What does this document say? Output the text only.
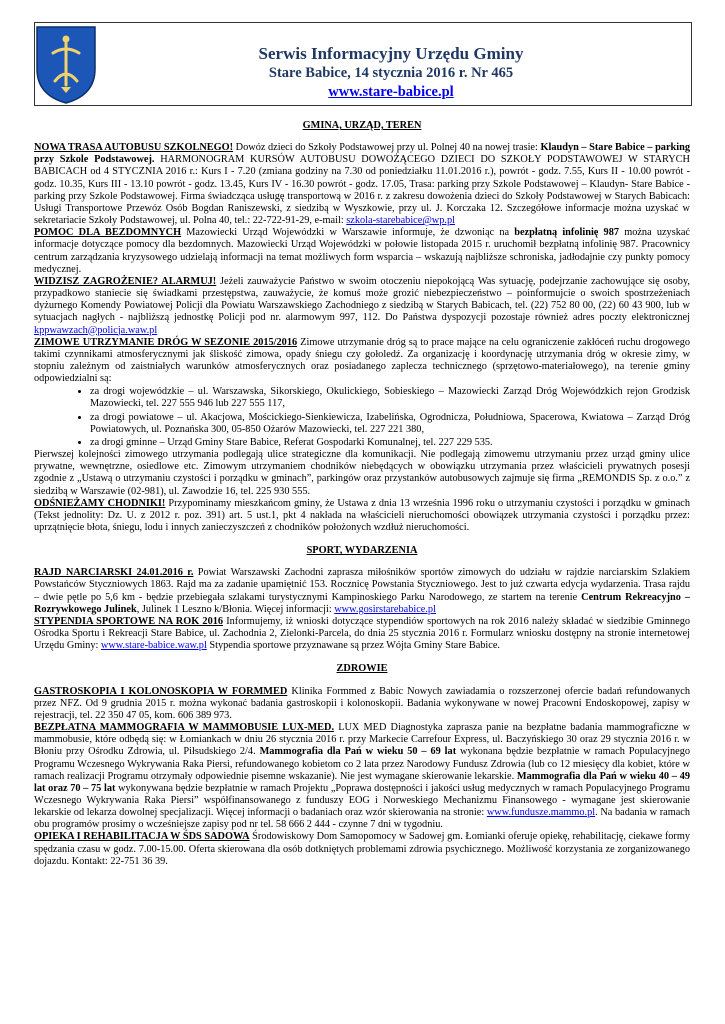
Serwis Informacyjny Urzędu Gminy
Stare Babice, 14 stycznia 2016 r. Nr 465
www.stare-babice.pl
GMINA, URZĄD, TEREN

NOWA TRASA AUTOBUSU SZKOLNEGO! Dowóz dzieci do Szkoły Podstawowej przy ul. Polnej 40 na nowej trasie: Klaudyn – Stare Babice – parking przy Szkole Podstawowej. HARMONOGRAM KURSÓW AUTOBUSU DOWOŻĄCEGO DZIECI DO SZKOŁY PODSTAWOWEJ W STARYCH BABICACH od 4 STYCZNIA 2016 r.: Kurs I - 7.20 (zmiana godziny na 7.30 od poniedziałku 11.01.2016 r.), powrót - godz. 7.55, Kurs II - 10.00 powrót - godz. 10.35, Kurs III - 13.10 powrót - godz. 13.45, Kurs IV - 16.30 powrót - godz. 17.05, Trasa: parking przy Szkole Podstawowej – Klaudyn- Stare Babice - parking przy Szkole Podstawowej. Firma świadcząca usługę transportową w 2016 r. z zakresu dowożenia dzieci do Szkoły Podstawowej w Starych Babicach: Usługi Transportowe Przewóz Osób Bogdan Raniszewski, z siedzibą w Wyszkowie, przy ul. J. Korczaka 12. Szczegółowe informacje można uzyskać w sekretariacie Szkoły Podstawowej, ul. Polna 40, tel.: 22-722-91-29, e-mail: szkola-starebabice@wp.pl

POMOC DLA BEZDOMNYCH Mazowiecki Urząd Wojewódzki w Warszawie informuje, że dzwoniąc na bezpłatną infolinię 987 można uzyskać informacje dotyczące pomocy dla bezdomnych. Mazowiecki Urząd Wojewódzki w połowie listopada 2015 r. uruchomił bezpłatną infolinię 987. Pracownicy centrum zarządzania kryzysowego udzielają informacji na temat możliwych form wsparcia – wskazują najbliższe schroniska, jadłodajnie czy punkty pomocy medycznej.

WIDZISZ ZAGROŻENIE? ALARMUJ! Jeżeli zauważycie Państwo w swoim otoczeniu niepokojącą Was sytuację, podejrzanie zachowujące się osoby, przypadkowo staniecie się świadkami przestępstwa, zauważycie, że komuś może grozić niebezpieczeństwo – poinformujcie o swoich spostrzeżeniach dyżurnego Komendy Powiatowej Policji dla Powiatu Warszawskiego Zachodniego z siedzibą w Starych Babicach, tel. (22) 752 80 00, (22) 60 43 900, lub w sytuacjach nagłych - najbliższą jednostkę Policji pod nr. alarmowym 997, 112. Do Państwa dyspozycji pozostaje również adres poczty elektronicznej kppwawzach@policja.waw.pl

ZIMOWE UTRZYMANIE DRÓG W SEZONIE 2015/2016 Zimowe utrzymanie dróg są to prace mające na celu ograniczenie zakłóceń ruchu drogowego takimi czynnikami atmosferycznymi jak śliskość zimowa, opady śniegu czy gołoledź. Za organizację i koordynację utrzymania dróg w okresie zimy, w stopniu zależnym od zaistniałych warunków atmosferycznych oraz posiadanego zaplecza technicznego (sprzętowo-materiałowego), na terenie gminy odpowiedzialni są:

• za drogi wojewódzkie – ul. Warszawska, Sikorskiego, Okulickiego, Sobieskiego – Mazowiecki Zarząd Dróg Wojewódzkich rejon Grodzisk Mazowiecki, tel. 227 555 946 lub 227 555 117,
• za drogi powiatowe – ul. Akacjowa, Mościckiego-Sienkiewicza, Izabelińska, Ogrodnicza, Południowa, Spacerowa, Kwiatowa – Zarząd Dróg Powiatowych, ul. Poznańska 300, 05-850 Ożarów Mazowiecki, tel. 227 221 380,
• za drogi gminne – Urząd Gminy Stare Babice, Referat Gospodarki Komunalnej, tel. 227 229 535.

Pierwszej kolejności zimowego utrzymania podlegają ulice strategiczne dla komunikacji. Nie podlegają zimowemu utrzymaniu przez urząd gminy ulice prywatne, wewnętrzne, osiedlowe etc. Zimowym utrzymaniem chodników niebędących w obowiązku utrzymania przez właścicieli prywatnych posesji zgodnie z „Ustawą o utrzymaniu czystości i porządku w gminach”, parkingów oraz przystanków autobusowych zajmuje się firma „REMONDIS Sp. z o.o.” z siedzibą w Warszawie (02-981), ul. Zawodzie 16, tel. 225 930 555.

ODŚNIEŻAMY CHODNIKI! Przypominamy mieszkańcom gminy, że Ustawa z dnia 13 września 1996 roku o utrzymaniu czystości i porządku w gminach (Tekst jednolity: Dz. U. z 2012 r. poz. 391) art. 5 ust.1, pkt 4 nakłada na właścicieli nieruchomości obowiązek utrzymania czystości i porządku przez: uprzątnięcie błota, śniegu, lodu i innych zanieczyszczeń z chodników położonych wzdłuż nieruchomości.

SPORT, WYDARZENIA

RAJD NARCIARSKI 24.01.2016 r. Powiat Warszawski Zachodni zaprasza miłośników sportów zimowych do udziału w rajdzie narciarskim Szlakiem Powstańców Styczniowych 1863. Rajd ma za zadanie upamiętnić 153. Rocznicę Powstania Styczniowego. Jest to już czwarta edycja wydarzenia. Trasa rajdu – dwie pętle po 5,6 km - będzie przebiegała szlakami turystycznymi Kampinoskiego Parku Narodowego, ze startem na terenie Centrum Rekreacyjno – Rozrywkowego Julinek, Julinek 1 Leszno k/Błonia. Więcej informacji: www.gosirstarebabice.pl

STYPENDIA SPORTOWE NA ROK 2016 Informujemy, iż wnioski dotyczące stypendiów sportowych na rok 2016 należy składać w siedzibie Gminnego Ośrodka Sportu i Rekreacji Stare Babice, ul. Zachodnia 2, Zielonki-Parcela, do dnia 25 stycznia 2016 r. Formularz wniosku dostępny na stronie internetowej Urzędu Gminy: www.stare-babice.waw.pl Stypendia sportowe przyznawane są przez Wójta Gminy Stare Babice.

ZDROWIE

GASTROSKOPIA I KOLONOSKOPIA W FORMMED Klinika Formmed z Babic Nowych zawiadamia o rozszerzonej ofercie badań refundowanych przez NFZ. Od 9 grudnia 2015 r. można wykonać badania gastroskopii i kolonoskopii. Badania wykonywane w nowej Pracowni Endoskopowej, zapisy w rejestracji, tel. 22 350 47 05, kom. 606 389 973.

BEZPŁATNA MAMMOGRAFIA W MAMMOBUSIE LUX-MED. LUX MED Diagnostyka zaprasza panie na bezpłatne badania mammograficzne w mammobusie, które odbędą się: w Łomiankach w dniu 26 stycznia 2016 r. przy Markecie Carrefour Express, ul. Baczyńskiego 30 oraz 29 stycznia 2016 r. w Błoniu przy Ośrodku Zdrowia, ul. Piłsudskiego 2/4. Mammografia dla Pań w wieku 50 – 69 lat wykonana będzie bezpłatnie w ramach Populacyjnego Programu Wczesnego Wykrywania Raka Piersi, refundowanego kobietom co 2 lata przez Narodowy Fundusz Zdrowia (lub co 12 miesięcy dla kobiet, które w ramach realizacji Programu otrzymały odpowiednie pisemne wskazanie). Nie jest wymagane skierowanie lekarskie. Mammografia dla Pań w wieku 40 – 49 lat oraz 70 – 75 lat wykonywana będzie bezpłatnie w ramach Projektu „Poprawa dostępności i jakości usług medycznych w ramach Populacyjnego Programu Wczesnego Wykrywania Raka Piersi” współfinansowanego z funduszy EOG i Norweskiego Mechanizmu Finansowego - wymagane jest skierowanie lekarskie od lekarza dowolnej specjalizacji. Więcej informacji o badaniach oraz wzór skierowania na stronie: www.fundusze.mammo.pl. Na badania w ramach obu programów prosimy o wcześniejsze zapisy pod nr tel. 58 666 2 444 - czynne 7 dni w tygodniu.

OPIEKA I REHABILITACJA W ŚDS SADOWA Środowiskowy Dom Samopomocy w Sadowej gm. Łomianki oferuje opiekę, rehabilitację, ciekawe formy spędzania czasu w godz. 7.00-15.00. Oferta skierowana dla osób dotkniętych problemami zdrowia psychicznego. Możliwość korzystania ze zorganizowanego dojazdu. Kontakt: 22-751 36 39.
